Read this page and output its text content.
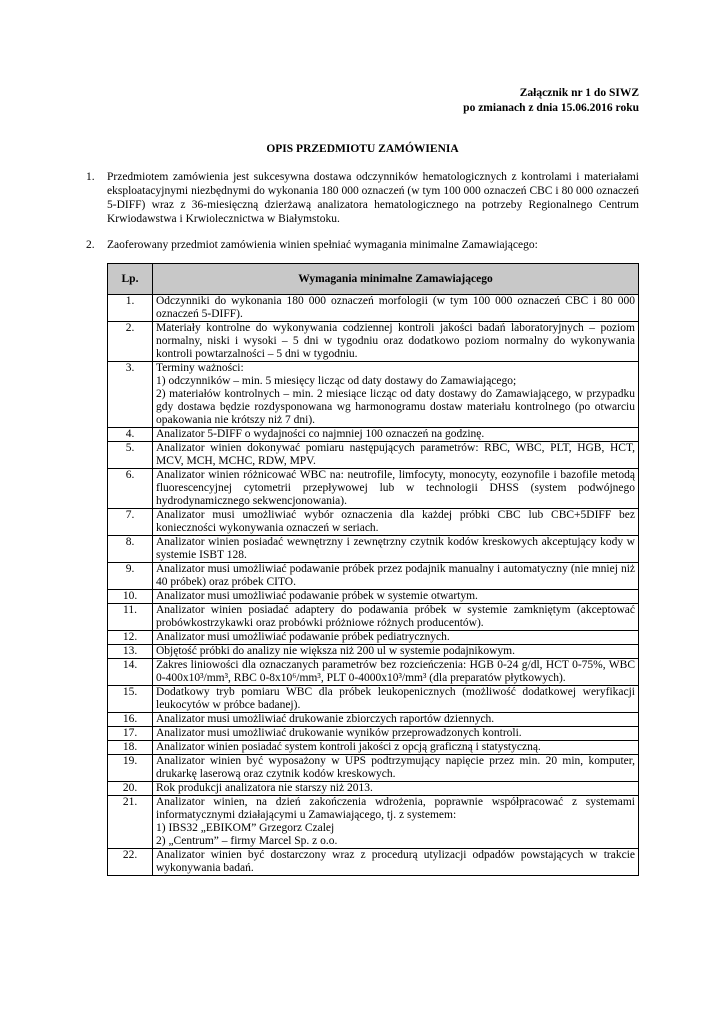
Załącznik nr 1 do SIWZ
po zmianach z dnia 15.06.2016 roku
OPIS PRZEDMIOTU ZAMÓWIENIA
1. Przedmiotem zamówienia jest sukcesywna dostawa odczynników hematologicznych z kontrolami i materiałami eksploatacyjnymi niezbędnymi do wykonania 180 000 oznaczeń (w tym 100 000 oznaczeń CBC i 80 000 oznaczeń 5-DIFF) wraz z 36-miesięczną dzierżawą analizatora hematologicznego na potrzeby Regionalnego Centrum Krwiodawstwa i Krwiolecznictwa w Białymstoku.
2. Zaoferowany przedmiot zamówienia winien spełniać wymagania minimalne Zamawiającego:
Lp.	Wymagania minimalne Zamawiającego
1.	Odczynniki do wykonania 180 000 oznaczeń morfologii (w tym 100 000 oznaczeń CBC i 80 000 oznaczeń 5-DIFF).
2.	Materiały kontrolne do wykonywania codziennej kontroli jakości badań laboratoryjnych – poziom normalny, niski i wysoki – 5 dni w tygodniu oraz dodatkowo poziom normalny do wykonywania kontroli powtarzalności – 5 dni w tygodniu.
3.	Terminy ważności:
1) odczynników – min. 5 miesięcy licząc od daty dostawy do Zamawiającego;
2) materiałów kontrolnych – min. 2 miesiące licząc od daty dostawy do Zamawiającego, w przypadku gdy dostawa będzie rozdysponowana wg harmonogramu dostaw materiału kontrolnego (po otwarciu opakowania nie krótszy niż 7 dni).
4.	Analizator 5-DIFF o wydajności co najmniej 100 oznaczeń na godzinę.
5.	Analizator winien dokonywać pomiaru następujących parametrów: RBC, WBC, PLT, HGB, HCT, MCV, MCH, MCHC, RDW, MPV.
6.	Analizator winien różnicować WBC na: neutrofile, limfocyty, monocyty, eozynofile i bazofile metodą fluorescencyjnej cytometrii przepływowej lub w technologii DHSS (system podwójnego hydrodynamicznego sekwencjonowania).
7.	Analizator musi umożliwiać wybór oznaczenia dla każdej próbki CBC lub CBC+5DIFF bez konieczności wykonywania oznaczeń w seriach.
8.	Analizator winien posiadać wewnętrzny i zewnętrzny czytnik kodów kreskowych akceptujący kody w systemie ISBT 128.
9.	Analizator musi umożliwiać podawanie próbek przez podajnik manualny i automatyczny (nie mniej niż 40 próbek) oraz próbek CITO.
10.	Analizator musi umożliwiać podawanie próbek w systemie otwartym.
11.	Analizator winien posiadać adaptery do podawania próbek w systemie zamkniętym (akceptować probówkostrzykawki oraz probówki próżniowe różnych producentów).
12.	Analizator musi umożliwiać podawanie próbek pediatrycznych.
13.	Objętość próbki do analizy nie większa niż 200 ul w systemie podajnikowym.
14.	Zakres liniowości dla oznaczanych parametrów bez rozcieńczenia: HGB 0-24 g/dl, HCT 0-75%, WBC 0-400x10³/mm³, RBC 0-8x10⁶/mm³, PLT 0-4000x10³/mm³ (dla preparatów płytkowych).
15.	Dodatkowy tryb pomiaru WBC dla próbek leukopenicznych (możliwość dodatkowej weryfikacji leukocytów w próbce badanej).
16.	Analizator musi umożliwiać drukowanie zbiorczych raportów dziennych.
17.	Analizator musi umożliwiać drukowanie wyników przeprowadzonych kontroli.
18.	Analizator winien posiadać system kontroli jakości z opcją graficzną i statystyczną.
19.	Analizator winien być wyposażony w UPS podtrzymujący napięcie przez min. 20 min, komputer, drukarkę laserową oraz czytnik kodów kreskowych.
20.	Rok produkcji analizatora nie starszy niż 2013.
21.	Analizator winien, na dzień zakończenia wdrożenia, poprawnie współpracować z systemami informatycznymi działającymi u Zamawiającego, tj. z systemem:
1) IBS32 „EBIKOM” Grzegorz Czalej
2) „Centrum” – firmy Marcel Sp. z o.o.
22.	Analizator winien być dostarczony wraz z procedurą utylizacji odpadów powstających w trakcie wykonywania badań.
